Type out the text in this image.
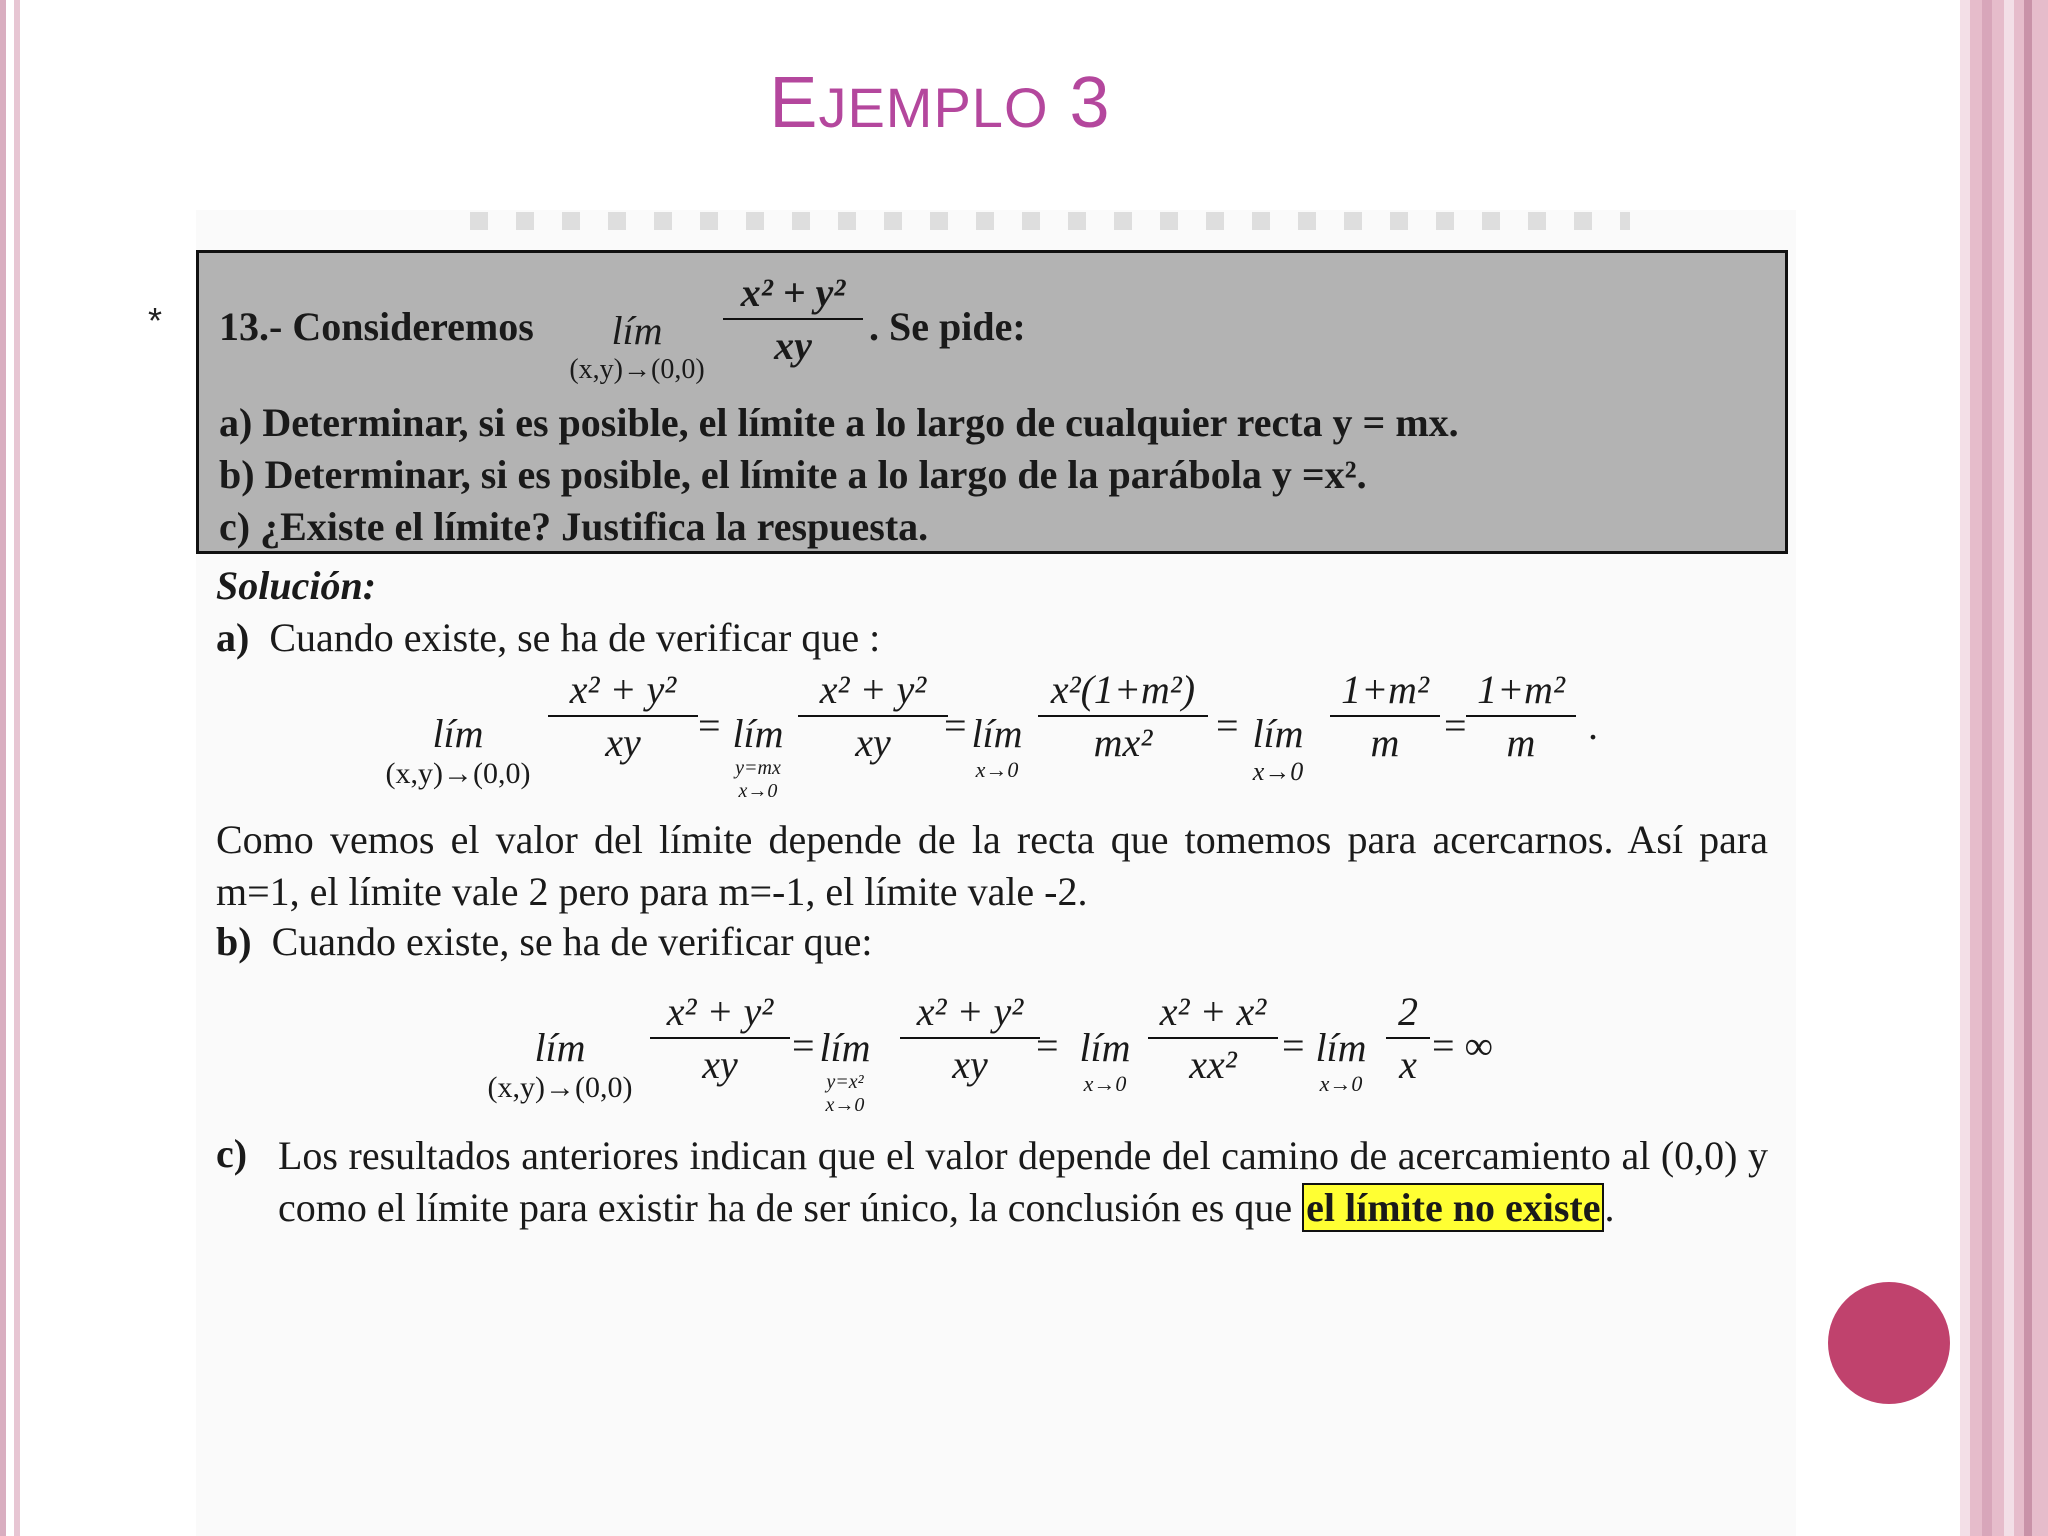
EJEMPLO 3
* 13.- Consideremos	lím
(x,y)→(0,0)
x² + y²
xy	. Se pide:
a) Determinar, si es posible, el límite a lo largo de cualquier recta y = mx.
b) Determinar, si es posible, el límite a lo largo de la parábola y =x².
c) ¿Existe el límite? Justifica la respuesta.
Solución:
a) Cuando existe, se ha de verificar que :
lím
(x,y)→(0,0)
x² + y²
xy	= lím
y=mx
x→0
x² + y²
xy	= lím
x→0
x²(1+m²)
mx²	= lím
x→0
1+m²
m	=
1+m²
m	.
Como vemos el valor del límite depende de la recta que tomemos para acercarnos. Así para m=1, el límite vale 2 pero para m=-1, el límite vale -2.
b) Cuando existe, se ha de verificar que:
lím
(x,y)→(0,0)
x² + y²
xy	= lím
y=x²
x→0
x² + y²
xy	= lím
x→0
x² + x²
xx²	= lím
x→0
2
x = ∞
c) Los resultados anteriores indican que el valor depende del camino de acercamiento al (0,0) y como el límite para existir ha de ser único, la conclusión es que el límite no existe .
